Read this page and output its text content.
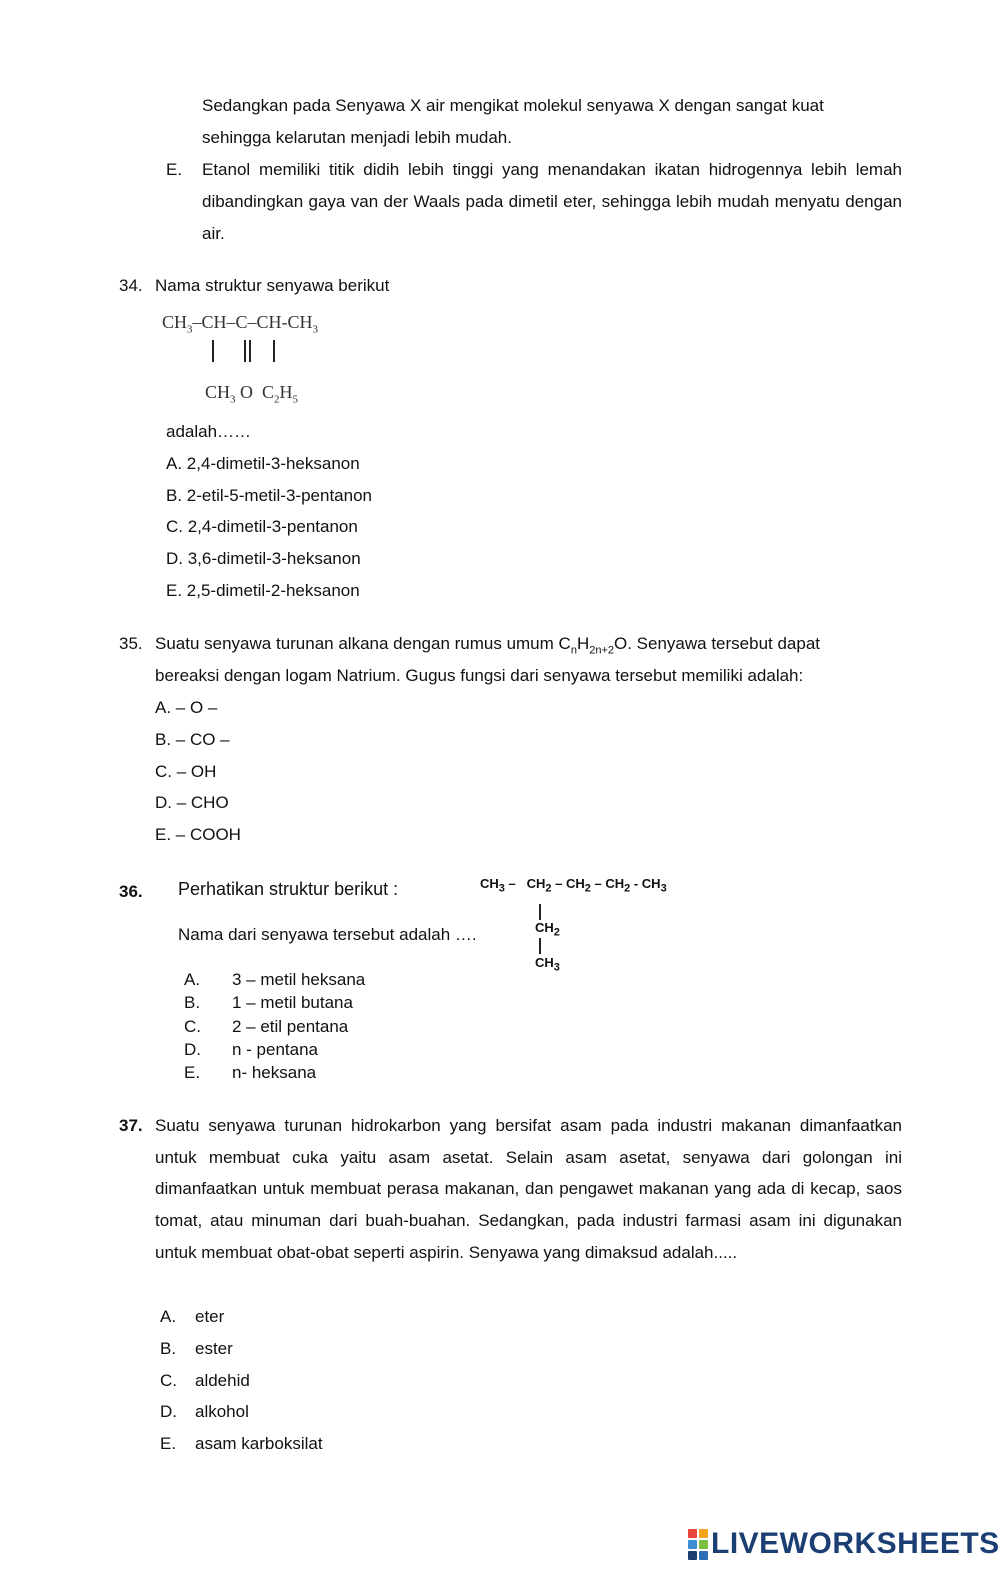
Sedangkan pada Senyawa X air mengikat molekul senyawa X dengan sangat kuat
sehingga kelarutan menjadi lebih mudah.
E. Etanol memiliki titik didih lebih tinggi yang menandakan ikatan hidrogennya lebih lemah dibandingkan gaya van der Waals pada dimetil eter, sehingga lebih mudah menyatu dengan air.
34. Nama struktur senyawa berikut
$CH_3-CH-C-CH-CH_3$
$CH_3$ O  $C_2H_5$
adalah……
A. 2,4-dimetil-3-heksanon
B. 2-etil-5-metil-3-pentanon
C. 2,4-dimetil-3-pentanon
D. 3,6-dimetil-3-heksanon
E. 2,5-dimetil-2-heksanon
35. Suatu senyawa turunan alkana dengan rumus umum $C_nH_{2n+2}O$. Senyawa tersebut dapat
bereaksi dengan logam Natrium. Gugus fungsi dari senyawa tersebut memiliki adalah:
A. – O –
B. – CO –
C. – OH
D. – CHO
E. – COOH
36. Perhatikan struktur berikut :
Nama dari senyawa tersebut adalah ….
$CH_3 - CH_2 - CH_2 - CH_2 - CH_3$
$CH_2$
$CH_3$
A. 3 – metil heksana
B. 1 – metil butana
C. 2 – etil pentana
D. n - pentana
E. n- heksana
37. Suatu senyawa turunan hidrokarbon yang bersifat asam pada industri makanan dimanfaatkan untuk membuat cuka yaitu asam asetat. Selain asam asetat, senyawa dari golongan ini dimanfaatkan untuk membuat perasa makanan, dan pengawet makanan yang ada di kecap, saos tomat, atau minuman dari buah-buahan. Sedangkan, pada industri farmasi asam ini digunakan untuk membuat obat-obat seperti aspirin. Senyawa yang dimaksud adalah.....
A. eter
B. ester
C. aldehid
D. alkohol
E. asam karboksilat
LIVEWORKSHEETS
